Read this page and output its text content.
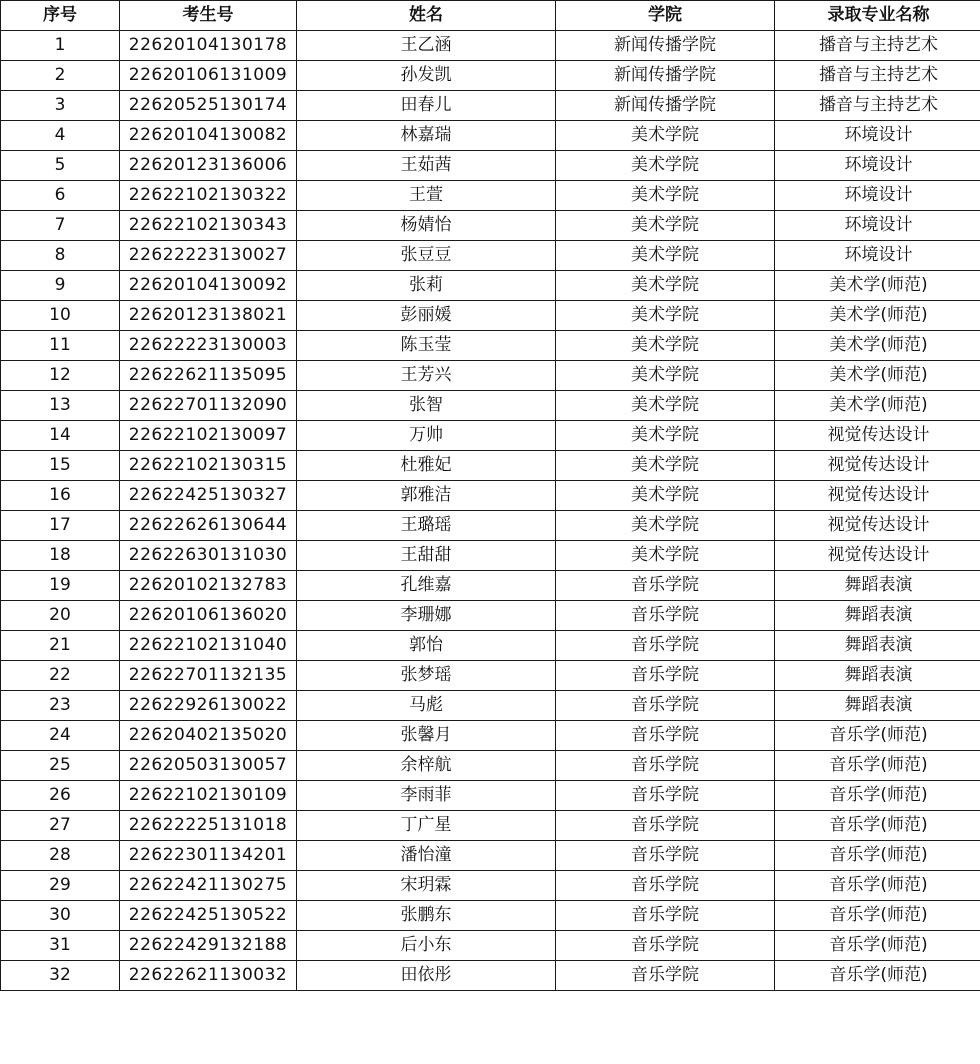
序号	考生号	姓名	学院	录取专业名称
1	22620104130178	王乙涵	新闻传播学院	播音与主持艺术
2	22620106131009	孙发凯	新闻传播学院	播音与主持艺术
3	22620525130174	田春儿	新闻传播学院	播音与主持艺术
4	22620104130082	林嘉瑞	美术学院	环境设计
5	22620123136006	王茹茜	美术学院	环境设计
6	22622102130322	王萱	美术学院	环境设计
7	22622102130343	杨婧怡	美术学院	环境设计
8	22622223130027	张豆豆	美术学院	环境设计
9	22620104130092	张莉	美术学院	美术学(师范)
10	22620123138021	彭丽媛	美术学院	美术学(师范)
11	22622223130003	陈玉莹	美术学院	美术学(师范)
12	22622621135095	王芳兴	美术学院	美术学(师范)
13	22622701132090	张智	美术学院	美术学(师范)
14	22622102130097	万帅	美术学院	视觉传达设计
15	22622102130315	杜雅妃	美术学院	视觉传达设计
16	22622425130327	郭雅洁	美术学院	视觉传达设计
17	22622626130644	王璐瑶	美术学院	视觉传达设计
18	22622630131030	王甜甜	美术学院	视觉传达设计
19	22620102132783	孔维嘉	音乐学院	舞蹈表演
20	22620106136020	李珊娜	音乐学院	舞蹈表演
21	22622102131040	郭怡	音乐学院	舞蹈表演
22	22622701132135	张梦瑶	音乐学院	舞蹈表演
23	22622926130022	马彪	音乐学院	舞蹈表演
24	22620402135020	张馨月	音乐学院	音乐学(师范)
25	22620503130057	余梓航	音乐学院	音乐学(师范)
26	22622102130109	李雨菲	音乐学院	音乐学(师范)
27	22622225131018	丁广星	音乐学院	音乐学(师范)
28	22622301134201	潘怡潼	音乐学院	音乐学(师范)
29	22622421130275	宋玥霖	音乐学院	音乐学(师范)
30	22622425130522	张鹏东	音乐学院	音乐学(师范)
31	22622429132188	后小东	音乐学院	音乐学(师范)
32	22622621130032	田依彤	音乐学院	音乐学(师范)
